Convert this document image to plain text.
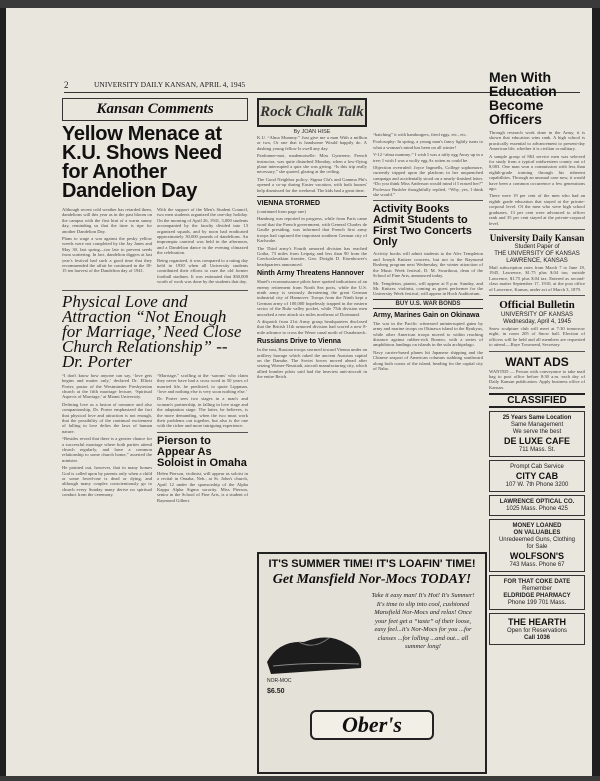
2	UNIVERSITY DAILY KANSAN, APRIL 4, 1945
Kansan Comments
Yellow Menace at K.U. Shows Need for Another Dandelion Day

Although recent cold weather has retarded them, dandelions will this year as in the past bloom on the campus with the first hint of a warm sunny day, reminding us that the time is ripe for another Dandelion Day.

Plans to wage a war against the pesky yellow weeds were not completed by the Jay Janes and May 30, last spring—too late to prevent seeds from scattering. In fact, dandelion diggers at last year's festival had such a good time that they recommended the affair be continued in the 18-15 ten harvest of the Dandelion day of 1941.

With the support of the Men's Student Council, two men students organized the one-day holiday. On the morning of April 26, 1941, 3,000 students accompanied by the faculty divided into 13 organized squads, and by noon had eradicated approximately 30,000 pounds of dandelions. An impromptu carnival was held in the afternoon, and a Dandelion dance in the evening climaxed the celebration.

Being organized, it was compared to a rating day held in 1930 when all University students contributed their efforts to raze the old former football stadium. It was estimated that $30,000 worth of work was done by the students that day.

Physical Love and Attraction “Not Enough for Marriage,’ Need Close Church Relationship” --Dr. Porter

“I don't know how anyone can say, ‘love gets begins and matter only,’ declared Dr. Elliott Porter, pastor of the Westminster Presbyterian church at the fifth marriage lecture, ‘Spiritual Aspects of Marriage,’ at Miami University.

Defining love as a fusion of romance and also companionship, Dr. Porter emphasized the fact that physical love and attraction is not enough, that the possibility of the continual excitement of falling in love defies the laws of human nature.

“Besides reveal that there is a greater chance for a successful marriage where both parties attend church regularly, and have a common relationship to some church home,” asserted the minister.

He pointed out, however, that in many homes God is called upon by parents only when a child or some loved-one is dead or dying, and although many couples conscientiously go to church every Sunday many derive no spiritual conduct from the ceremony.

“Marriage,” scoffing at the ‘saroms’ who claim they never have had a cross word in 50 years of married life, he predicted, to quote Lippman, ‘love and nothing else is very soon nothing else.’

Dr. Porter sees two stages in a man's and woman's partnership, in falling in love stage and the adaptation stage. The latter, he believes, is the more demanding, when the two must work their problems out together, but also is the one with the richer and more intriguing experience.

Pierson to Appear As Soloist in Omaha

Helen Pierson, violinist, will appear as soloist in a recital in Omaha, Neb., at St. John's church, April 12 under the sponsorship of the Alpha Kappa Alpha Sigma sorority. Miss Pierson, senior in the School of Fine Arts, is a student of Raymond Gilbert.

Rock Chalk Talk
By JOAN HISE

K.U. “Alma Mummy:” Just give me a man With a million or two, Or one that is handsome Would happily do. A dashing young fellow Is swell any day.

Pardonner-moi, mademoiselle: Miss Gynerene, French instructor, was quite disturbed Monday, when a low-flying plane interrupted a quiz she was giving. “Is this trip really necessary,” she quoted, glaring at the ceiling.

The Good Neighbor policy: Sigma Chi's and Gamma Phi's opened a co-op during Easter vacation, with both houses' help dismissed for the weekend. The kids had a great time.

VIENNA STORMED

(continued from page one)

Hamburg was reported in progress, while from Paris came word that the French government, with General Charles de Gaulle presiding, was informed that French first army troops had captured the important southern German city of Karlsruhe.

The Third army's Fourth armored division has reached Gotha, 73 miles from Leipzig and less than 90 from the Czechoslovakian frontier, Gen. Dwight D. Eisenhower's headquarters announced.

Ninth Army Threatens Hannover

Shaef's reconnaissance pilots have spotted indications of an enemy retirement from North Sea ports, while the U.S. ninth army is seriously threatening the great German industrial city of Hannover. Troops from the Ninth kept a German army of 100,000 hopelessly trapped in the eastern sector of the Ruhr valley pocket, while 75th division men uncorked a new attack six miles northeast of Dortmund.

A dispatch from 21st Army group headquarters disclosed that the British 11th armored division had scored a new 8-mile advance to cross the Weser canal north of Osnabrueck.

Russians Drive to Vienna

In the east, Russian troops stormed toward Vienna under an artillery barrage which raked the ancient Austrian capital on the Danube. The Soviet forces moved ahead after seizing Wiener-Neustadt, aircraft manufacturing city, which allied bomber pilots said had the heaviest anti-aircraft in the entire Reich.

“batching” it with hamburgers, fried eggs, etc., etc.

Foolosophy: In spring, a young man's fancy lightly turns to what a woman's mind has been on all winter!

V-12 “alma mammy:” I wish I was a nifty egg Away up in a tree; I wish I was a wolfy egg As rotten as could be.

Objection overruled: Joyce Ingmells, College sophomore, currently tripped upon the platform in her unquenched campaign and accidentally stood on a nearly-finished letter. “Do you think Miss Anderson would mind if I erased her?” Professor Bushfer thoughtfully replied, “Why, yes, I think she would.”

Activity Books Admit Students to First Two Concerts Only

Activity books will admit students to the Alec Templeton and Joseph Knitzer concerts, but not to the Raymond Rosberg program next Wednesday, the winter attraction of the Music Week festival, D. M. Swarthout, dean of the School of Fine Arts, announced today.

Mr. Templeton, pianist, will appear at 8 p.m. Sunday, and Mr. Knitzer, violinist, coming as guest performer for the University Week festival, will appear in Hoch Auditorium.

BUY U.S. WAR BONDS
Army, Marines Gain on Okinawa

The war in the Pacific witnessed uninterrupted gains by army and marine troops on Okinawa island in the Ryukyus, while other American troops moved to within reaching distance against rubber-rich Borneo, with a series of amphibious landings on islands in the sulu archipelago.

Navy carrier-based planes hit Japanese shipping and the Chinese seaport of American columns stabbing southward along both coasts of the island, heading for the capital city of Naha.

IT'S SUMMER TIME! IT'S LOAFIN' TIME!
Get Mansfield Nor-Mocs TODAY!
NOR-MOC
$6.50
Take it easy man! It's Hot! It's Summer! It's time to slip into cool, cushioned Mansfield Nor-Mocs and relax! Once your feet get a “taste” of their loose, easy feel...it's Nor-Mocs for you ...for classes ...for lolling ...and out... all summer long!
Ober's
Men With Education Become Officers

Through research work done in the Army, it is shown that education wins rank. A high school is practically essential to advancement to present-day American life, whether it is civilian or military.

A sample group of 863 service men was selected for study from a typical midwestern county out of 8,003. One man won a commission with less than eighth-grade training through his inherent capabilities. Through an unusual case now, it would have been a common occurrence a few generations ago.

There were 19 per cent of the men who had an eighth grade education that stayed at the private-corporal level. Of the men who were high school graduates, 13 per cent were advanced to officer rank and 35 per cent stayed at the private-corporal level.

University Daily Kansan
Student Paper of
THE UNIVERSITY OF KANSAS
LAWRENCE, KANSAS

Mail subscription rates from March 7 to June 18, 1945, Lawrence, $1.75 plus $.04 tax; outside Lawrence, $1.75 plus $.04 tax. Entered as second-class matter September 17, 1910, at the post office of Lawrence, Kansas, under act of March 3, 1879.

Official Bulletin
UNIVERSITY OF KANSAS
Wednesday, April 4, 1945

Snow sculpture club will meet at 7:30 tomorrow night, in room 205 of Snow hall. Election of officers will be held and all members are requested to attend.—Raye Townsend, Secretary.

WANT ADS

WANTED — Person with conveyance to take mail bag to post office before 8:30 a.m. each day of Daily Kansan publication. Apply business office of Kansan.

CLASSIFIED
25 Years Same Location
Same Management
We serve the best
DE LUXE CAFE
711 Mass. St.
Prompt Cab Service
CITY CAB
107 W. 7th Phone 3200
LAWRENCE OPTICAL CO.
1025 Mass. Phone 425
MONEY LOANED
ON VALUABLES
Unredeemed Guns, Clothing
for Sale
WOLFSON'S
743 Mass. Phone 67
FOR THAT COKE DATE
Remember
ELDRIDGE PHARMACY
Phone 199 701 Mass.
THE HEARTH
Open for Reservations
Call 1036
